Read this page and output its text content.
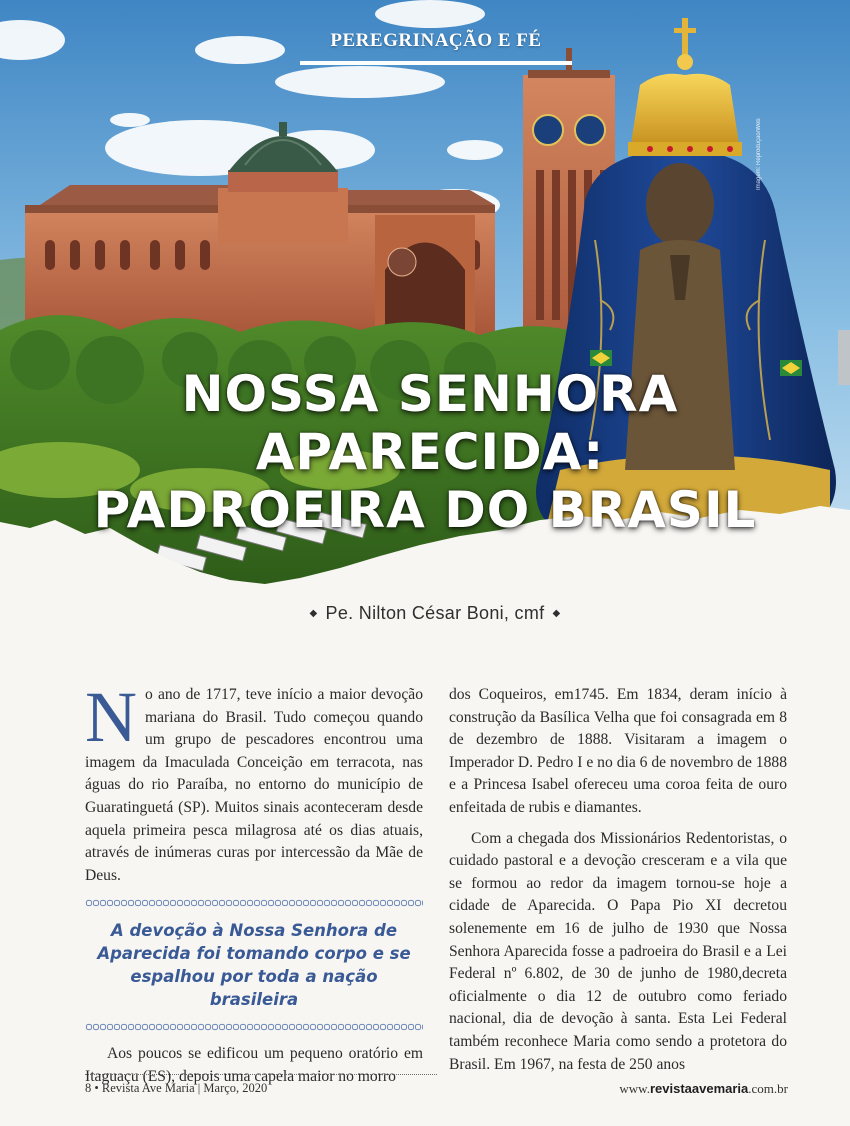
PEREGRINAÇÃO E FÉ
Imagem: Reprodução/Web
NOSSA SENHORA APARECIDA:
PADROEIRA DO BRASIL
◆ Pe. Nilton César Boni, cmf ◆

No ano de 1717, teve início a maior devoção mariana do Brasil. Tudo começou quando um grupo de pescadores encontrou uma imagem da Imaculada Conceição em terracota, nas águas do rio Paraíba, no entorno do município de Guaratinguetá (SP). Muitos sinais aconteceram desde aquela primeira pesca milagrosa até os dias atuais, através de inúmeras curas por intercessão da Mãe de Deus.

A devoção à Nossa Senhora de Aparecida foi tomando corpo e se espalhou por toda a nação brasileira

Aos poucos se edificou um pequeno oratório em Itaguaçu (ES), depois uma capela maior no morro

dos Coqueiros, em1745. Em 1834, deram início à construção da Basílica Velha que foi consagrada em 8 de dezembro de 1888. Visitaram a imagem o Imperador D. Pedro I e no dia 6 de novembro de 1888 e a Princesa Isabel ofereceu uma coroa feita de ouro enfeitada de rubis e diamantes.

Com a chegada dos Missionários Redentoristas, o cuidado pastoral e a devoção cresceram e a vila que se formou ao redor da imagem tornou-se hoje a cidade de Aparecida. O Papa Pio XI decretou solenemente em 16 de julho de 1930 que Nossa Senhora Aparecida fosse a padroeira do Brasil e a Lei Federal nº 6.802, de 30 de junho de 1980,decreta oficialmente o dia 12 de outubro como feriado nacional, dia de devoção à santa. Esta Lei Federal também reconhece Maria como sendo a protetora do Brasil. Em 1967, na festa de 250 anos

8 • Revista Ave Maria | Março, 2020	www.revistaavemaria.com.br
